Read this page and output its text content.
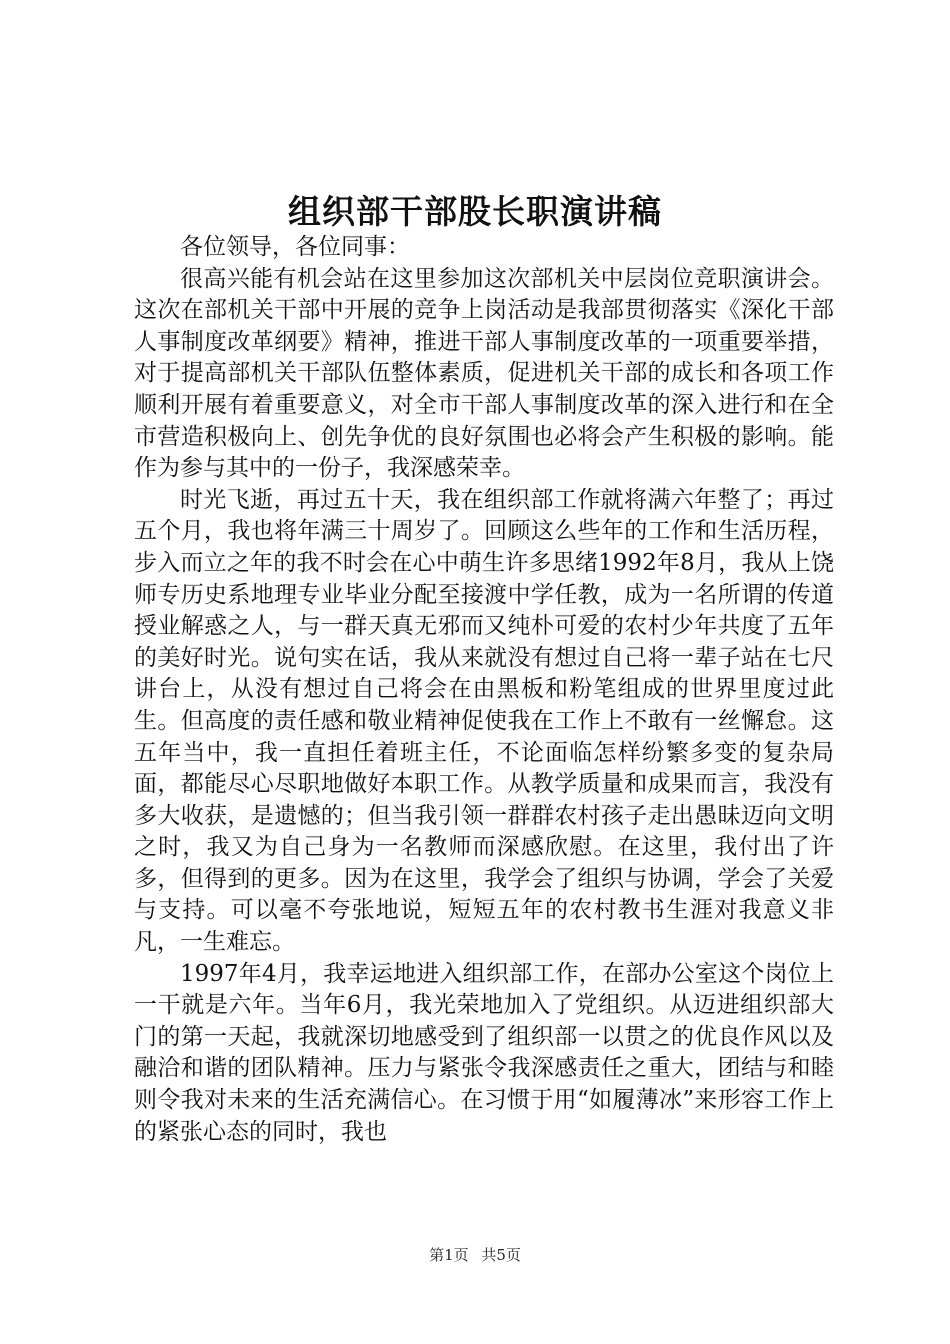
组织部干部股长职演讲稿

各位领导，各位同事：

很高兴能有机会站在这里参加这次部机关中层岗位竞职演讲会。这次在部机关干部中开展的竞争上岗活动是我部贯彻落实《深化干部人事制度改革纲要》精神，推进干部人事制度改革的一项重要举措，对于提高部机关干部队伍整体素质，促进机关干部的成长和各项工作顺利开展有着重要意义，对全市干部人事制度改革的深入进行和在全市营造积极向上、创先争优的良好氛围也必将会产生积极的影响。能作为参与其中的一份子，我深感荣幸。

时光飞逝，再过五十天，我在组织部工作就将满六年整了；再过五个月，我也将年满三十周岁了。回顾这么些年的工作和生活历程，步入而立之年的我不时会在心中萌生许多思绪1992年8月，我从上饶师专历史系地理专业毕业分配至接渡中学任教，成为一名所谓的传道授业解惑之人，与一群天真无邪而又纯朴可爱的农村少年共度了五年的美好时光。说句实在话，我从来就没有想过自己将一辈子站在七尺讲台上，从没有想过自己将会在由黑板和粉笔组成的世界里度过此生。但高度的责任感和敬业精神促使我在工作上不敢有一丝懈怠。这五年当中，我一直担任着班主任，不论面临怎样纷繁多变的复杂局面，都能尽心尽职地做好本职工作。从教学质量和成果而言，我没有多大收获，是遗憾的；但当我引领一群群农村孩子走出愚昧迈向文明之时，我又为自己身为一名教师而深感欣慰。在这里，我付出了许多，但得到的更多。因为在这里，我学会了组织与协调，学会了关爱与支持。可以毫不夸张地说，短短五年的农村教书生涯对我意义非凡，一生难忘。

1997年4月，我幸运地进入组织部工作，在部办公室这个岗位上一干就是六年。当年6月，我光荣地加入了党组织。从迈进组织部大门的第一天起，我就深切地感受到了组织部一以贯之的优良作风以及融洽和谐的团队精神。压力与紧张令我深感责任之重大，团结与和睦则令我对未来的生活充满信心。在习惯于用“如履薄冰”来形容工作上的紧张心态的同时，我也

第1页 共5页
